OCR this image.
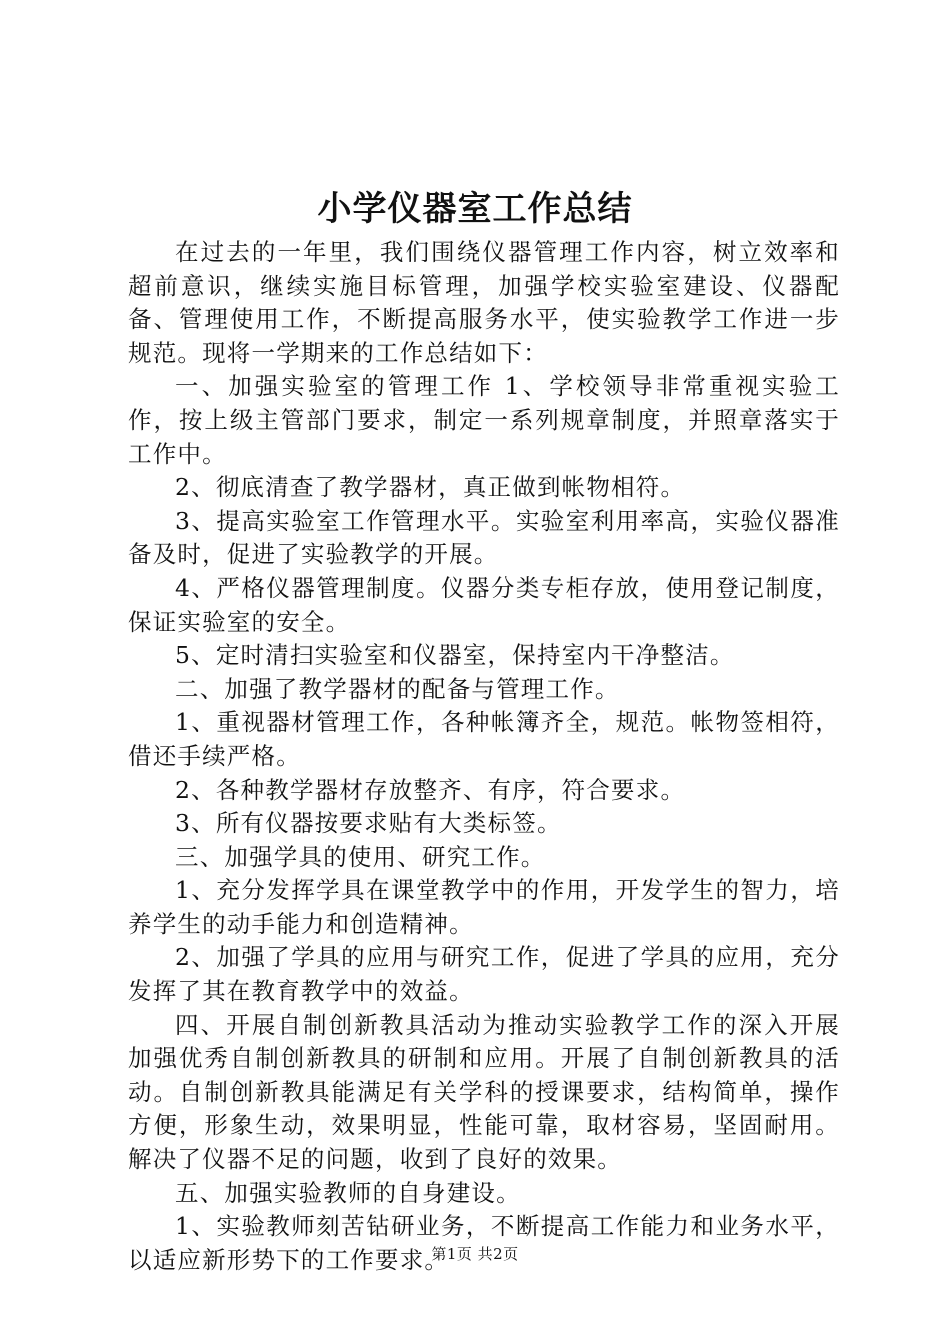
小学仪器室工作总结

在过去的一年里，我们围绕仪器管理工作内容，树立效率和超前意识，继续实施目标管理，加强学校实验室建设、仪器配备、管理使用工作，不断提高服务水平，使实验教学工作进一步规范。现将一学期来的工作总结如下：

一、加强实验室的管理工作 1、学校领导非常重视实验工作，按上级主管部门要求，制定一系列规章制度，并照章落实于工作中。

2、彻底清查了教学器材，真正做到帐物相符。

3、提高实验室工作管理水平。实验室利用率高，实验仪器准备及时，促进了实验教学的开展。

4、严格仪器管理制度。仪器分类专柜存放，使用登记制度，保证实验室的安全。

5、定时清扫实验室和仪器室，保持室内干净整洁。

二、加强了教学器材的配备与管理工作。

1、重视器材管理工作，各种帐簿齐全，规范。帐物签相符，借还手续严格。

2、各种教学器材存放整齐、有序，符合要求。

3、所有仪器按要求贴有大类标签。

三、加强学具的使用、研究工作。

1、充分发挥学具在课堂教学中的作用，开发学生的智力，培养学生的动手能力和创造精神。

2、加强了学具的应用与研究工作，促进了学具的应用，充分发挥了其在教育教学中的效益。

四、开展自制创新教具活动为推动实验教学工作的深入开展加强优秀自制创新教具的研制和应用。开展了自制创新教具的活动。自制创新教具能满足有关学科的授课要求，结构简单，操作方便，形象生动，效果明显，性能可靠，取材容易，坚固耐用。解决了仪器不足的问题，收到了良好的效果。

五、加强实验教师的自身建设。

1、实验教师刻苦钻研业务，不断提高工作能力和业务水平，以适应新形势下的工作要求。

第1页 共2页
